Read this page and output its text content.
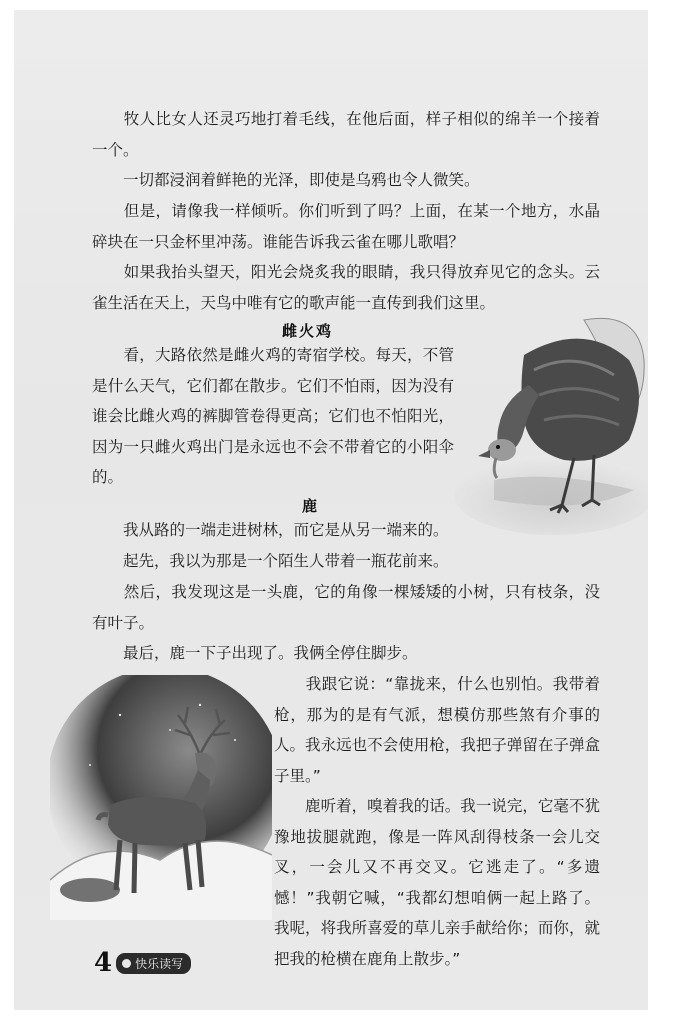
　　牧人比女人还灵巧地打着毛线，在他后面，样子相似的绵羊一个接着一个。

　　一切都浸润着鲜艳的光泽，即使是乌鸦也令人微笑。

　　但是，请像我一样倾听。你们听到了吗？上面，在某一个地方，水晶碎块在一只金杯里冲荡。谁能告诉我云雀在哪儿歌唱？

　　如果我抬头望天，阳光会烧炙我的眼睛，我只得放弃见它的念头。云雀生活在天上，天鸟中唯有它的歌声能一直传到我们这里。

雌火鸡

　　看，大路依然是雌火鸡的寄宿学校。每天，不管是什么天气，它们都在散步。它们不怕雨，因为没有谁会比雌火鸡的裤脚管卷得更高；它们也不怕阳光，因为一只雌火鸡出门是永远也不会不带着它的小阳伞的。

鹿

　　我从路的一端走进树林，而它是从另一端来的。

　　起先，我以为那是一个陌生人带着一瓶花前来。

　　然后，我发现这是一头鹿，它的角像一棵矮矮的小树，只有枝条，没有叶子。

　　最后，鹿一下子出现了。我俩全停住脚步。

　　我跟它说：“靠拢来，什么也别怕。我带着枪，那为的是有气派，想模仿那些煞有介事的人。我永远也不会使用枪，我把子弹留在子弹盒子里。”

　　鹿听着，嗅着我的话。我一说完，它毫不犹豫地拔腿就跑，像是一阵风刮得枝条一会儿交叉，一会儿又不再交叉。它逃走了。“多遗憾！”我朝它喊，“我都幻想咱俩一起上路了。我呢，将我所喜爱的草儿亲手献给你；而你，就把我的枪横在鹿角上散步。”

4 快乐读写
